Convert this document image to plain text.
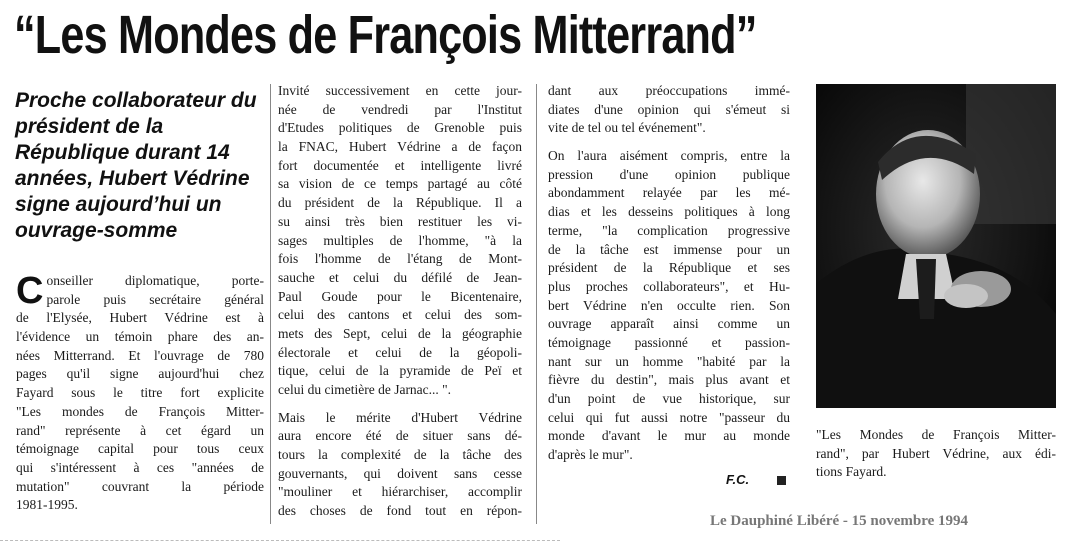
“Les Mondes de François Mitterrand”
Proche collaborateur du
président de la
République durant 14
années, Hubert Védrine
signe aujourd’hui un
ouvrage-somme
C onseiller diplomatique, porte-
parole puis secrétaire général
de l'Elysée, Hubert Védrine est à
l'évidence un témoin phare des an-
nées Mitterrand. Et l'ouvrage de 780
pages qu'il signe aujourd'hui chez
Fayard sous le titre fort explicite
"Les mondes de François Mitter-
rand" représente à cet égard un
témoignage capital pour tous ceux
qui s'intéressent à ces "années de
mutation" couvrant la période
1981-1995.
Invité successivement en cette jour-
née de vendredi par l'Institut
d'Etudes politiques de Grenoble puis
la FNAC, Hubert Védrine a de façon
fort documentée et intelligente livré
sa vision de ce temps partagé au côté
du président de la République. Il a
su ainsi très bien restituer les vi-
sages multiples de l'homme, "à la
fois l'homme de l'étang de Mont-
sauche et celui du défilé de Jean-
Paul Goude pour le Bicentenaire,
celui des cantons et celui des som-
mets des Sept, celui de la géographie
électorale et celui de la géopoli-
tique, celui de la pyramide de Peï et
celui du cimetière de Jarnac... ".
Mais le mérite d'Hubert Védrine
aura encore été de situer sans dé-
tours la complexité de la tâche des
gouvernants, qui doivent sans cesse
"mouliner et hiérarchiser, accomplir
des choses de fond tout en répon-
dant aux préoccupations immé-
diates d'une opinion qui s'émeut si
vite de tel ou tel événement".
On l'aura aisément compris, entre la
pression d'une opinion publique
abondamment relayée par les mé-
dias et les desseins politiques à long
terme, "la complication progressive
de la tâche est immense pour un
président de la République et ses
plus proches collaborateurs", et Hu-
bert Védrine n'en occulte rien. Son
ouvrage apparaît ainsi comme un
témoignage passionné et passion-
nant sur un homme "habité par la
fièvre du destin", mais plus avant et
d'un point de vue historique, sur
celui qui fut aussi notre "passeur du
monde d'avant le mur au monde
d'après le mur".
F.C.
"Les Mondes de François Mitter-
rand", par Hubert Védrine, aux édi-
tions Fayard.
Le Dauphiné Libéré - 15 novembre 1994
